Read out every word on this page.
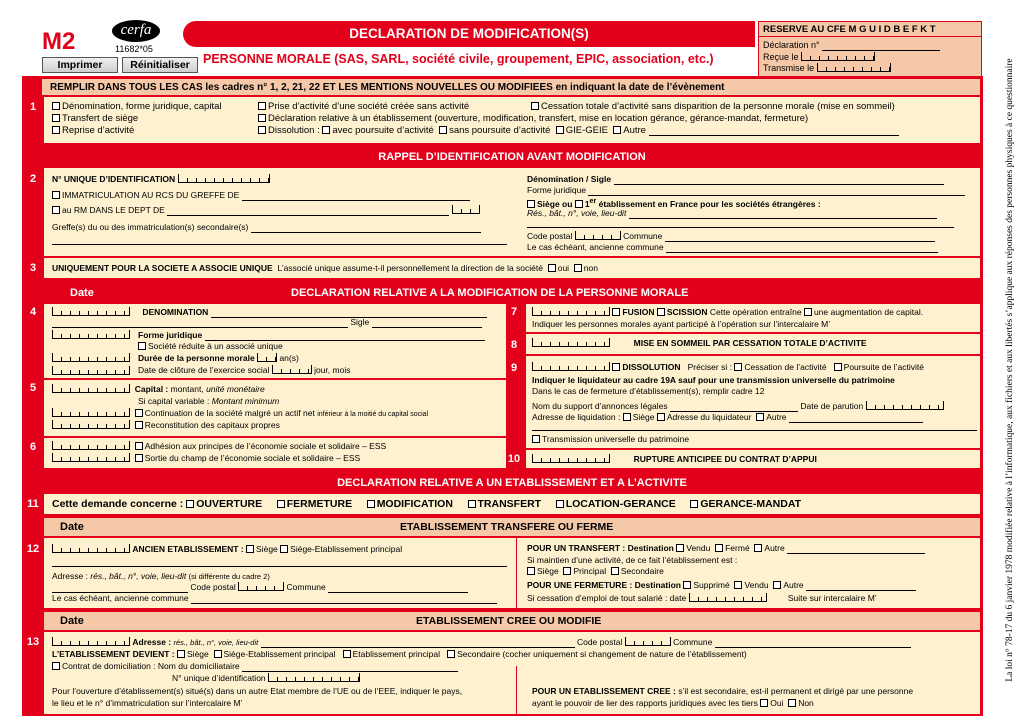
M2	cerfa
11682*05
Imprimer	Réinitialiser
DECLARATION DE MODIFICATION(S)
PERSONNE MORALE (SAS, SARL, société civile, groupement, EPIC, association, etc.)
RESERVE AU CFE M G U I D B E F K T
Déclaration n°
Reçue le
Transmise le
REMPLIR DANS TOUS LES CAS les cadres n° 1, 2, 21, 22 ET LES MENTIONS NOUVELLES OU MODIFIEES en indiquant la date de l’évènement
1	Dénomination, forme juridique, capital	Prise d’activité d’une société créée sans activité	Cessation totale d’activité sans disparition de la personne morale (mise en sommeil)
Transfert de siège	Déclaration relative à un établissement (ouverture, modification, transfert, mise en location gérance, gérance-mandat, fermeture)
Reprise d’activité	Dissolution : avec poursuite d’activité sans poursuite d’activité GIE-GEIE Autre
RAPPEL D’IDENTIFICATION AVANT MODIFICATION
2	N° UNIQUE D’IDENTIFICATION
IMMATRICULATION AU RCS DU GREFFE DE
au RM DANS LE DEPT DE
Greffe(s) du ou des immatriculation(s) secondaire(s)
Dénomination / Sigle
Forme juridique
Siège ou 1er établissement en France pour les sociétés étrangères :
Rés., bât., n°, voie, lieu-dit
Code postal	Commune
Le cas échéant, ancienne commune
3	UNIQUEMENT POUR LA SOCIETE A ASSOCIE UNIQUE L’associé unique assume-t-il personnellement la direction de la société oui non
Date	DECLARATION RELATIVE A LA MODIFICATION DE LA PERSONNE MORALE
4	DENOMINATION
Sigle
Forme juridique
Société réduite à un associé unique
Durée de la personne morale	an(s)
Date de clôture de l’exercice social	jour, mois
5	Capital : montant, unité monétaire
Si capital variable : Montant minimum
Continuation de la société malgré un actif net inférieur à la moitié du capital social
Reconstitution des capitaux propres
6	Adhésion aux principes de l’économie sociale et solidaire – ESS
Sortie du champ de l’économie sociale et solidaire – ESS
7	FUSION SCISSION Cette opération entraîne une augmentation de capital.
Indiquer les personnes morales ayant participé à l’opération sur l’intercalaire M’
8	MISE EN SOMMEIL PAR CESSATION TOTALE D’ACTIVITE
9	DISSOLUTION Préciser si : Cessation de l’activité Poursuite de l’activité
Indiquer le liquidateur au cadre 19A sauf pour une transmission universelle du patrimoine
Dans le cas de fermeture d’établissement(s), remplir cadre 12
Nom du support d’annonces légales	Date de parution
Adresse de liquidation : Siège Adresse du liquidateur Autre
Transmission universelle du patrimoine
10	RUPTURE ANTICIPEE DU CONTRAT D’APPUI
DECLARATION RELATIVE A UN ETABLISSEMENT ET A L’ACTIVITE
11	Cette demande concerne : OUVERTURE FERMETURE MODIFICATION TRANSFERT LOCATION-GERANCE GERANCE-MANDAT
Date	ETABLISSEMENT TRANSFERE OU FERME
12	ANCIEN ETABLISSEMENT : Siège Siège-Etablissement principal
Adresse : rés., bât., n°, voie, lieu-dit (si différente du cadre 2)
Code postal	Commune
Le cas échéant, ancienne commune
POUR UN TRANSFERT : Destination Vendu Fermé Autre
Si maintien d’une activité, de ce fait l’établissement est :
Siège Principal Secondaire
POUR UNE FERMETURE : Destination Supprimé Vendu Autre
Si cessation d’emploi de tout salarié : date	Suite sur intercalaire M’
Date	ETABLISSEMENT CREE OU MODIFIE
13	Adresse : rés., bât., n°, voie, lieu-dit	Code postal	Commune
L’ETABLISSEMENT DEVIENT : Siège Siège-Etablissement principal Etablissement principal Secondaire (cocher uniquement si changement de nature de l’établissement)
Contrat de domiciliation : Nom du domiciliataire
N° unique d’identification
Pour l’ouverture d’établissement(s) situé(s) dans un autre Etat membre de l’UE ou de l’EEE, indiquer le pays,
le lieu et le n° d’immatriculation sur l’intercalaire M’
POUR UN ETABLISSEMENT CREE : s’il est secondaire, est-il permanent et dirigé par une personne
ayant le pouvoir de lier des rapports juridiques avec les tiers Oui Non
La loi n° 78-17 du 6 janvier 1978 modifiée relative à l’informatique, aux fichiers et aux libertés s’applique aux réponses des personnes physiques à ce questionnaire
